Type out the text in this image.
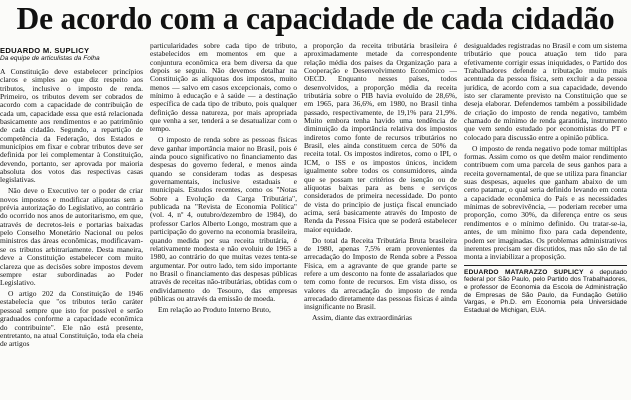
De acordo com a capacidade de cada cidadão
EDUARDO M. SUPLICY
Da equipe de articulistas da Folha

A Constituição deve estabelecer princípios claros e simples ao que diz respeito aos tributos, inclusive o imposto de renda. Primeiro, os tributos devem ser cobrados de acordo com a capacidade de contribuição de cada um, capacidade essa que está relacionada basicamente aos rendimentos e ao patrimônio de cada cidadão. Segundo, a repartição de competência da Federação, dos Estados e municípios em fixar e cobrar tributos deve ser definida por lei complementar à Constituição, devendo, portanto, ser aprovada por maioria absoluta dos votos das respectivas casas legislativas.

Não deve o Executivo ter o poder de criar novos impostos e modificar alíquotas sem a prévia autorização do Legislativo, ao contrário do ocorrido nos anos de autoritarismo, em que, através de decretos-leis e portarias baixadas pelo Conselho Monetário Nacional ou pelos ministros das áreas econômicas, modificavam-se os tributos arbitrariamente. Desta maneira, deve a Constituição estabelecer com muito clareza que as decisões sobre impostos devem sempre estar subordinadas ao Poder Legislativo.

O artigo 202 da Constituição de 1946 estabelecia que "os tributos terão caráter pessoal sempre que isto for possível e serão graduados conforme a capacidade econômica do contribuinte". Ele não está presente, entretanto, na atual Constituição, toda ela cheia de artigos

particularidades sobre cada tipo de tributo, estabelecidos em momentos em que a conjuntura econômica era bem diversa da que depois se seguiu. Não devemos detalhar na Constituição as alíquotas dos impostos, muito menos — salvo em casos excepcionais, como o mínimo à educação e à saúde — a destinação específica de cada tipo de tributo, pois qualquer definição dessa natureza, por mais apropriada que venha a ser, tenderá a se desatualizar com o tempo.

O imposto de renda sobre as pessoas físicas deve ganhar importância maior no Brasil, pois é ainda pouco significativo no financiamento das despesas do governo federal, e menos ainda quando se consideram todas as despesas governamentais, inclusive estaduais e municipais. Estudos recentes, como os "Notas Sobre a Evolução da Carga Tributária", publicada na "Revista de Economia Política" (vol. 4, nº 4, outubro/dezembro de 1984), do professor Carlos Alberto Longo, mostram que a participação do governo na economia brasileira, quando medida por sua receita tributária, é relativamente modesta e não evoluiu de 1965 a 1980, ao contrário do que muitas vezes tenta-se argumentar. Por outro lado, tem sido importante no Brasil o financiamento das despesas públicas através de receitas não-tributárias, obtidas com o endividamento do Tesouro, das empresas públicas ou através da emissão de moeda.

Em relação ao Produto Interno Bruto,

a proporção da receita tributária brasileira é aproximadamente metade da correspondente relação média dos países da Organização para a Cooperação e Desenvolvimento Econômico — OECD. Enquanto nesses países, todos desenvolvidos, a proporção média da receita tributária sobre o PIB havia evoluído de 28,6%, em 1965, para 36,6%, em 1980, no Brasil tinha passado, respectivamente, de 19,1% para 21,9%. Muito embora tenha havido uma tendência de diminuição da importância relativa dos impostos indiretos como fonte de recursos tributários no Brasil, eles ainda constituem cerca de 50% da receita total. Os impostos indiretos, como o IPI, o ICM, o ISS e os impostos únicos, incidem igualmente sobre todos os consumidores, ainda que se possam ter critérios de isenção ou de alíquotas baixas para as bens e serviços considerados de primeira necessidade. Do ponto de vista do princípio de justiça fiscal enunciado acima, será basicamente através do Imposto de Renda da Pessoa Física que se poderá estabelecer maior equidade.

Do total da Receita Tributária Bruta brasileira de 1980, apenas 7,5% eram provenientes da arrecadação do Imposto de Renda sobre a Pessoa Física, em a agravante de que grande parte se refere a um desconto na fonte de assalariados que tem como fonte de recursos. Em vista disso, os valores da arrecadação do imposto de renda arrecadado diretamente das pessoas físicas é ainda insignificante no Brasil.

Assim, diante das extraordinárias

desigualdades registradas no Brasil e com um sistema tributário que pouca atuação tem tido para efetivamente corrigir essas iniquidades, o Partido dos Trabalhadores defende a tributação muito mais acentuada da pessoa física, sem excluir a da pessoa jurídica, de acordo com a sua capacidade, devendo isto ser claramente previsto na Constituição que se deseja elaborar. Defendemos também a possibilidade de criação do imposto de renda negativo, também chamado de mínimo de renda garantida, instrumento que vem sendo estudado por economistas do PT e colocado para discussão entre a opinião pública.

O imposto de renda negativo pode tomar múltiplas formas. Assim como os que detêm maior rendimento contribuem com uma parcela de seus ganhos para a receita governamental, de que se utiliza para financiar suas despesas, aqueles que ganham abaixo de um certo patamar, o qual seria definido levando em conta a capacidade econômica do País e as necessidades mínimas de sobrevivência, — poderiam receber uma proporção, como 30%, da diferença entre os seus rendimentos e o mínimo definido. Ou tratar-se-ia, antes, de um mínimo fixo para cada dependente, podem ser imaginadas. Os problemas administrativos inerentes precisam ser discutidos, mas não são de tal monta a inviabilizar a proposição.

EDUARDO MATARAZZO SUPLICY é deputado federal por São Paulo, pelo Partido dos Trabalhadores, e professor de Economia da Escola de Administração de Empresas de São Paulo, da Fundação Getúlio Vargas, e Ph.D. em Economia pela Universidade Estadual de Michigan, EUA.
